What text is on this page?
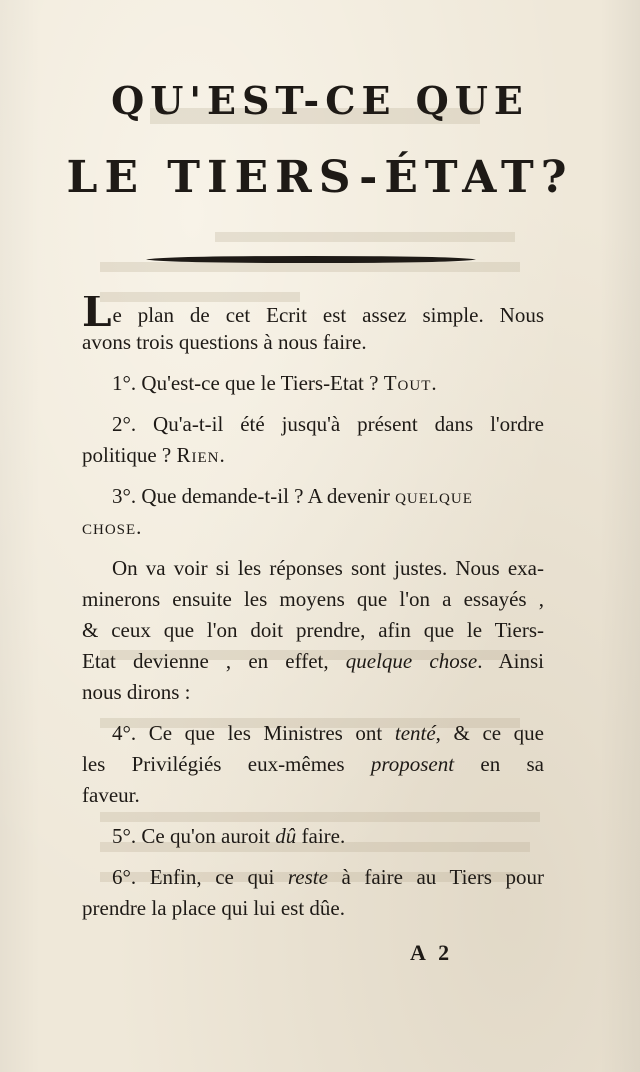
QU'EST-CE QUE
LE TIERS-ÉTAT?
Le plan de cet Ecrit est assez simple. Nous
avons trois questions à nous faire.
1°. Qu'est-ce que le Tiers-Etat ? Tout.
2°. Qu'a-t-il été jusqu'à présent dans l'ordre
politique ? Rien.
3°. Que demande-t-il ? A devenir quelque
chose.
On va voir si les réponses sont justes. Nous exa-
minerons ensuite les moyens que l'on a essayés ,
& ceux que l'on doit prendre, afin que le Tiers-
Etat devienne , en effet, quelque chose. Ainsi
nous dirons :
4°. Ce que les Ministres ont tenté, & ce que
les Privilégiés eux-mêmes proposent en sa
faveur.
5°. Ce qu'on auroit dû faire.
6°. Enfin, ce qui reste à faire au Tiers pour
prendre la place qui lui est dûe.
A 2
